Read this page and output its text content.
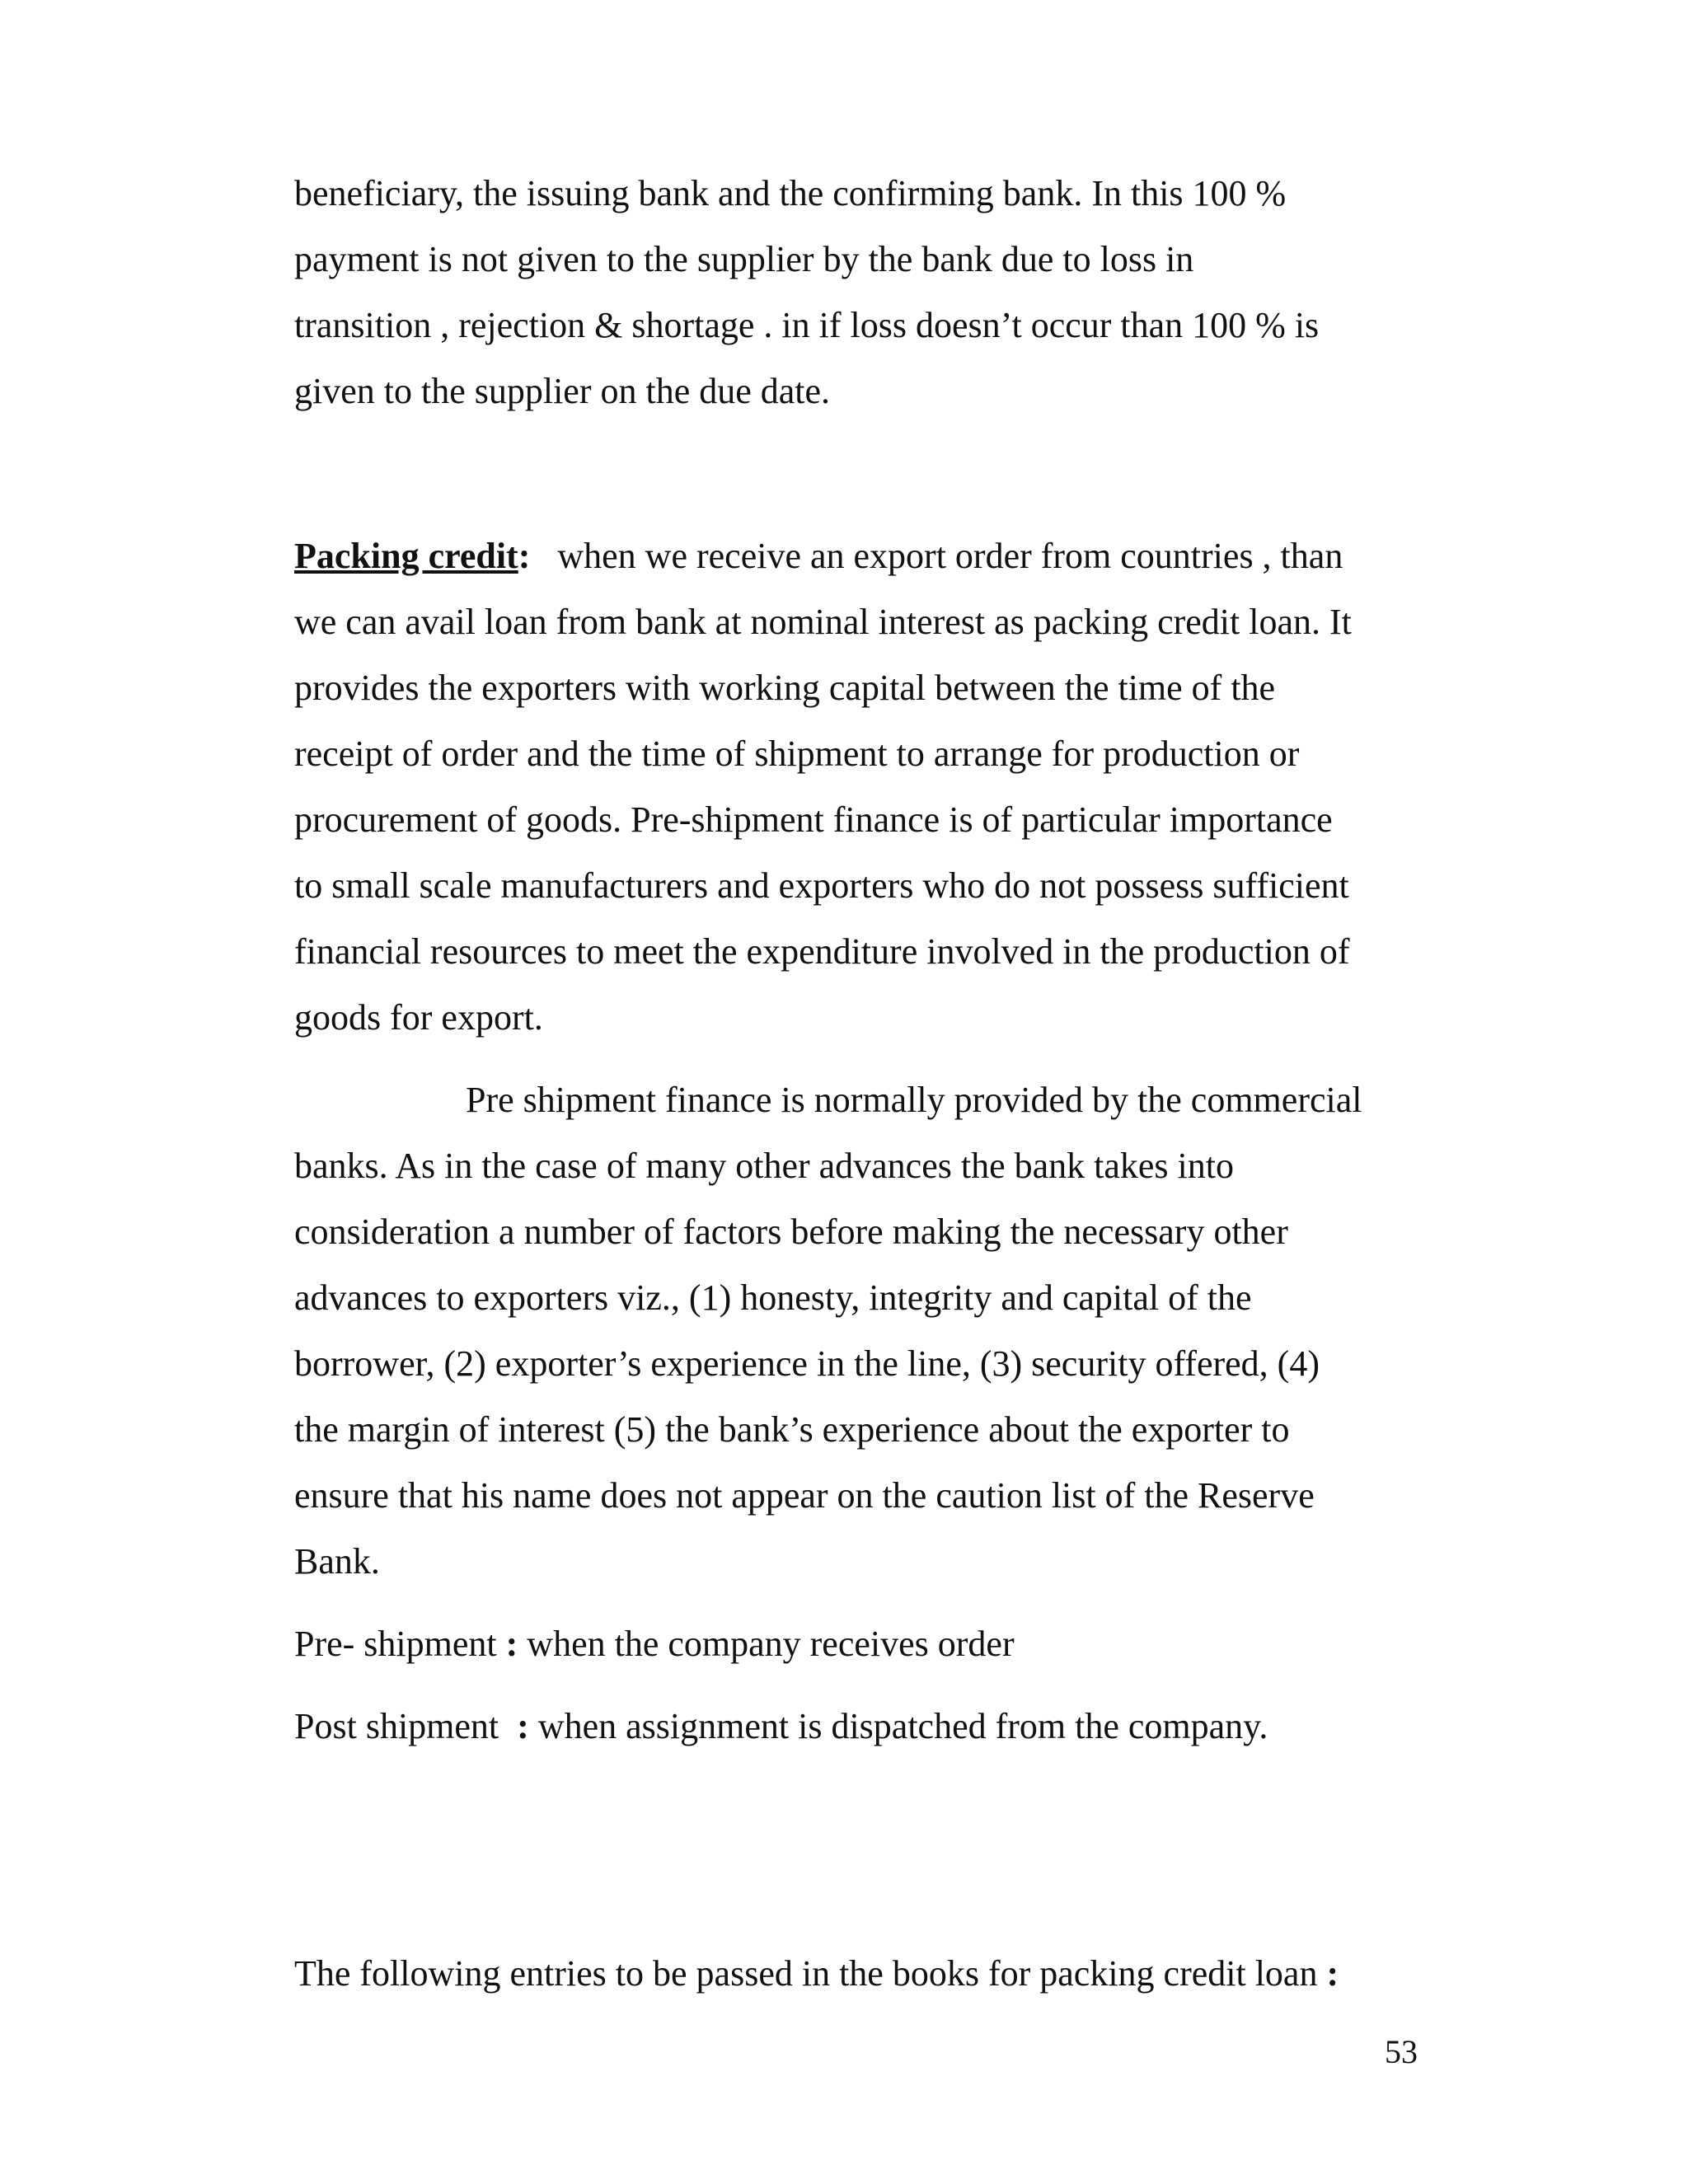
beneficiary, the issuing bank and the confirming bank. In this 100 %

payment is not given to the supplier by the bank due to loss in

transition , rejection & shortage . in if loss doesn’t occur than 100 % is

given to the supplier on the due date.

Packing credit:   when we receive an export order from countries , than

we can avail loan from bank at nominal interest as packing credit loan. It

provides the exporters with working capital between the time of the

receipt of order and the time of shipment to arrange for production or

procurement of goods. Pre-shipment finance is of particular importance

to small scale manufacturers and exporters who do not possess sufficient

financial resources to meet the expenditure involved in the production of

goods for export.

Pre shipment finance is normally provided by the commercial

banks. As in the case of many other advances the bank takes into

consideration a number of factors before making the necessary other

advances to exporters viz., (1) honesty, integrity and capital of the

borrower, (2) exporter’s experience in the line, (3) security offered, (4)

the margin of interest (5) the bank’s experience about the exporter to

ensure that his name does not appear on the caution list of the Reserve

Bank.

Pre- shipment : when the company receives order

Post shipment  : when assignment is dispatched from the company.

The following entries to be passed in the books for packing credit loan :

53
